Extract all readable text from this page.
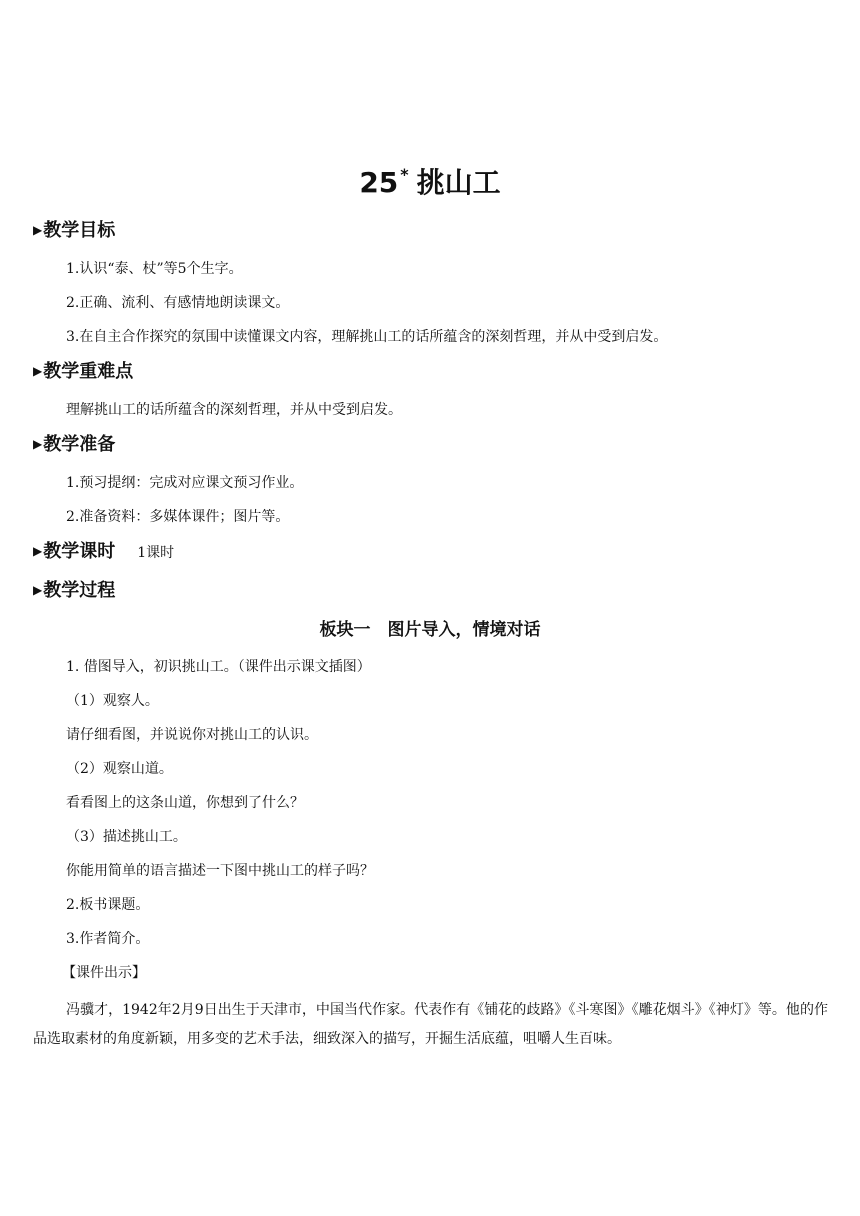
25 * 挑山工
▶教学目标
1.认识“泰、杖”等5个生字。
2.正确、流利、有感情地朗读课文。
3.在自主合作探究的氛围中读懂课文内容，理解挑山工的话所蕴含的深刻哲理，并从中受到启发。
▶教学重难点
理解挑山工的话所蕴含的深刻哲理，并从中受到启发。
▶教学准备
1.预习提纲：完成对应课文预习作业。
2.准备资料：多媒体课件；图片等。
▶教学课时 1课时
▶教学过程
板块一　图片导入，情境对话
1. 借图导入，初识挑山工。（课件出示课文插图）
（1）观察人。
请仔细看图，并说说你对挑山工的认识。
（2）观察山道。
看看图上的这条山道，你想到了什么？
（3）描述挑山工。
你能用简单的语言描述一下图中挑山工的样子吗？
2.板书课题。
3.作者简介。
【课件出示】
冯骥才，1942年2月9日出生于天津市，中国当代作家。代表作有《铺花的歧路》《斗寒图》《雕花烟斗》《神灯》等。他的作品选取素材的角度新颖，用多变的艺术手法，细致深入的描写，开掘生活底蕴，咀嚼人生百味。
